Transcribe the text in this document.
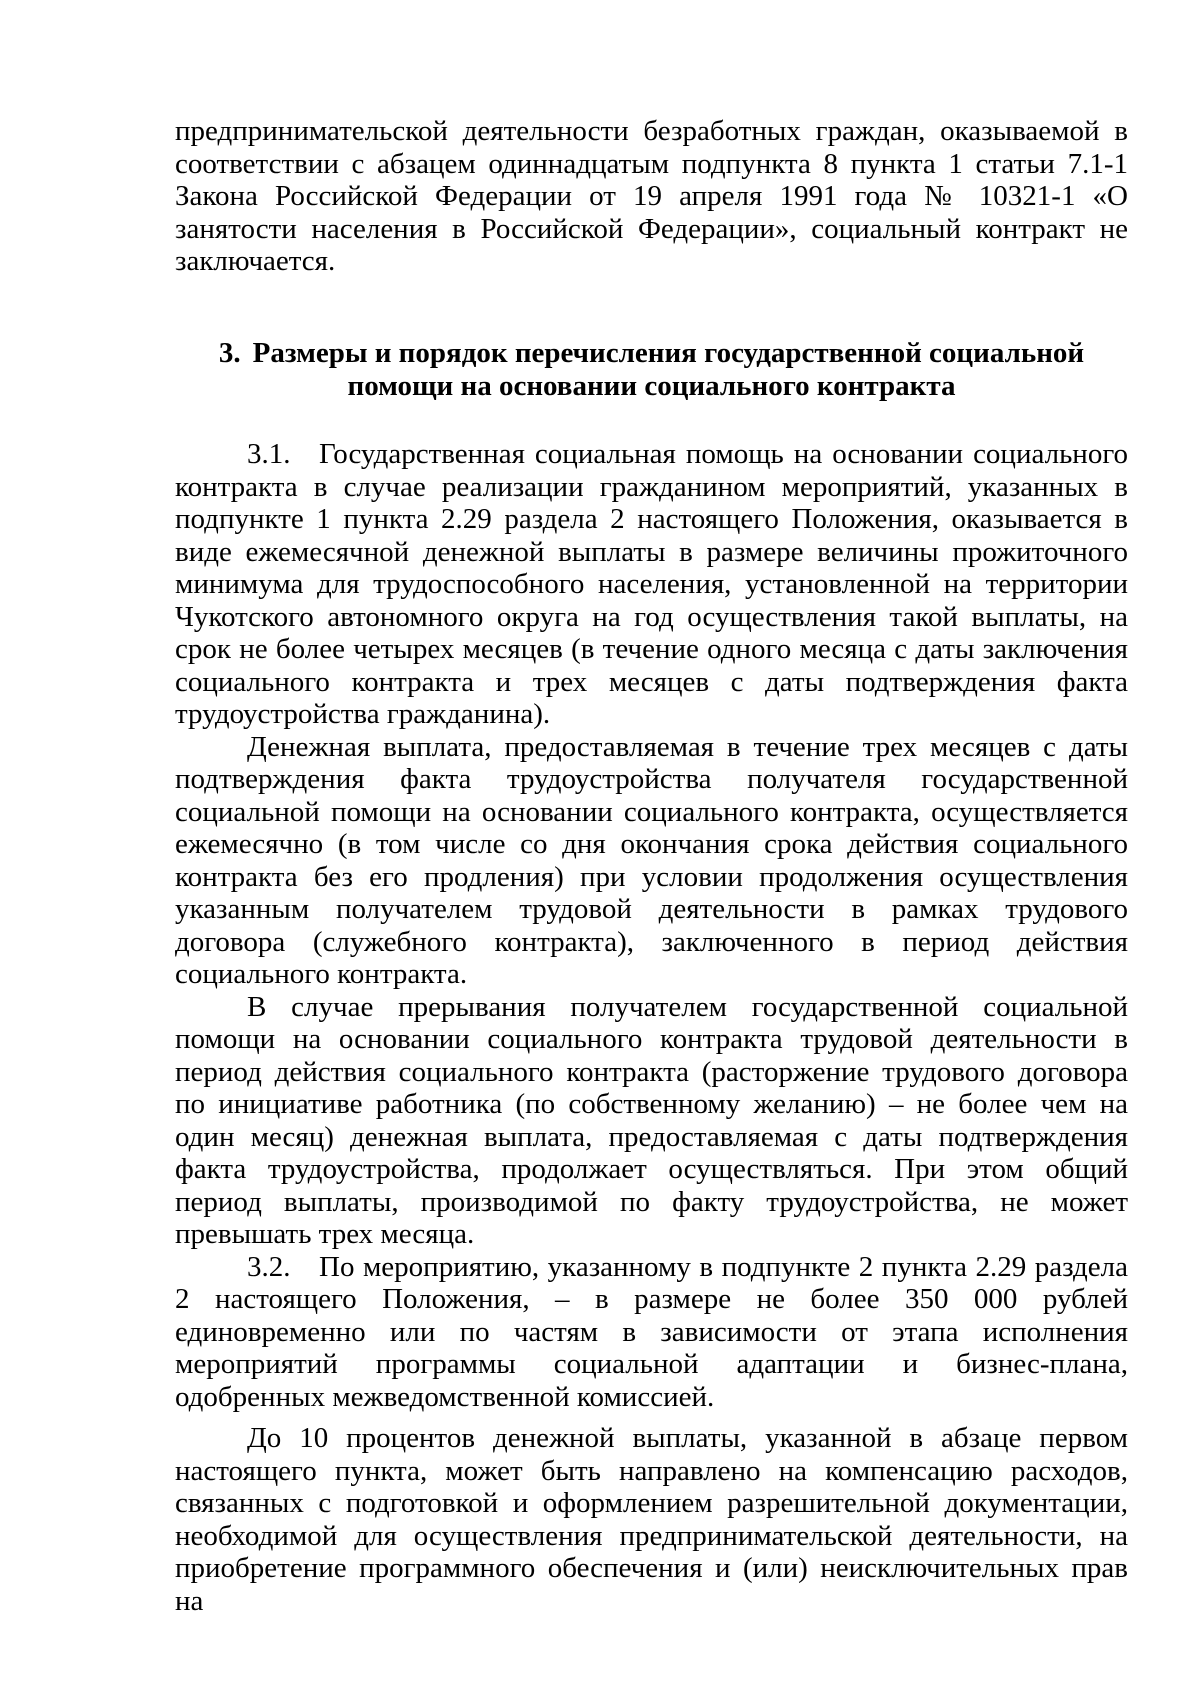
предпринимательской деятельности безработных граждан, оказываемой в соответствии с абзацем одиннадцатым подпункта 8 пункта 1 статьи 7.1-1 Закона Российской Федерации от 19 апреля 1991 года № 10321-1 «О занятости населения в Российской Федерации», социальный контракт не заключается.

3. Размеры и порядок перечисления государственной социальной
помощи на основании социального контракта

3.1. Государственная социальная помощь на основании социального контракта в случае реализации гражданином мероприятий, указанных в подпункте 1 пункта 2.29 раздела 2 настоящего Положения, оказывается в виде ежемесячной денежной выплаты в размере величины прожиточного минимума для трудоспособного населения, установленной на территории Чукотского автономного округа на год осуществления такой выплаты, на срок не более четырех месяцев (в течение одного месяца с даты заключения социального контракта и трех месяцев с даты подтверждения факта трудоустройства гражданина).

Денежная выплата, предоставляемая в течение трех месяцев с даты подтверждения факта трудоустройства получателя государственной социальной помощи на основании социального контракта, осуществляется ежемесячно (в том числе со дня окончания срока действия социального контракта без его продления) при условии продолжения осуществления указанным получателем трудовой деятельности в рамках трудового договора (служебного контракта), заключенного в период действия социального контракта.

В случае прерывания получателем государственной социальной помощи на основании социального контракта трудовой деятельности в период действия социального контракта (расторжение трудового договора по инициативе работника (по собственному желанию) – не более чем на один месяц) денежная выплата, предоставляемая с даты подтверждения факта трудоустройства, продолжает осуществляться. При этом общий период выплаты, производимой по факту трудоустройства, не может превышать трех месяца.

3.2. По мероприятию, указанному в подпункте 2 пункта 2.29 раздела 2 настоящего Положения, – в размере не более 350 000 рублей единовременно или по частям в зависимости от этапа исполнения мероприятий программы социальной адаптации и бизнес-плана, одобренных межведомственной комиссией.

До 10 процентов денежной выплаты, указанной в абзаце первом настоящего пункта, может быть направлено на компенсацию расходов, связанных с подготовкой и оформлением разрешительной документации, необходимой для осуществления предпринимательской деятельности, на приобретение программного обеспечения и (или) неисключительных прав на
